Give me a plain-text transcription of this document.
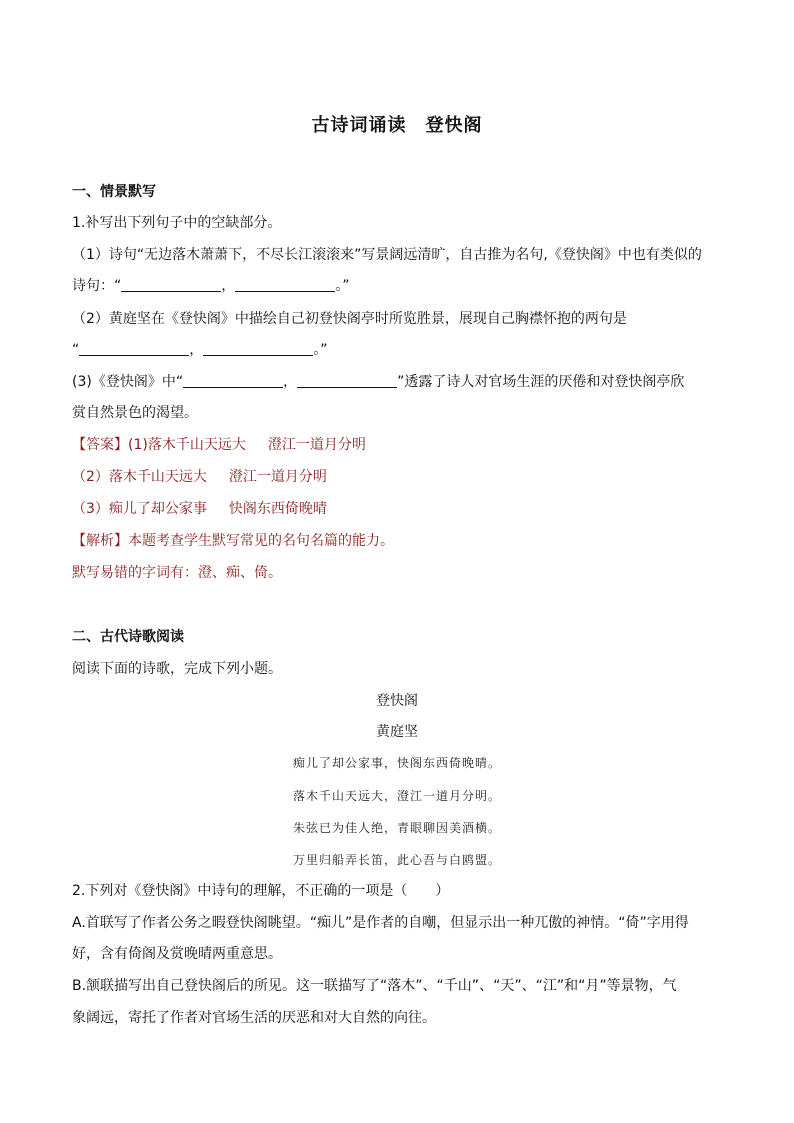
古诗词诵读　登快阁
一、情景默写
1.补写出下列句子中的空缺部分。
（1）诗句“无边落木萧萧下，不尽长江滚滚来”写景阔远清旷，自古推为名句,《登快阁》中也有类似的
诗句：“	，	。”
（2）黄庭坚在《登快阁》中描绘自己初登快阁亭时所览胜景，展现自己胸襟怀抱的两句是
“	，	。”
(3)《登快阁》中“	，	”透露了诗人对官场生涯的厌倦和对登快阁亭欣
赏自然景色的渴望。
【答案】(1)落木千山天远大 澄江一道月分明
（2）落木千山天远大 澄江一道月分明
（3）痴儿了却公家事 快阁东西倚晚晴
【解析】本题考查学生默写常见的名句名篇的能力。
默写易错的字词有：澄、痴、倚。
二、古代诗歌阅读
阅读下面的诗歌，完成下列小题。
登快阁
黄庭坚
痴儿了却公家事，快阁东西倚晚晴。
落木千山天远大，澄江一道月分明。
朱弦已为佳人绝，青眼聊因美酒横。
万里归船弄长笛，此心吾与白鸥盟。
2.下列对《登快阁》中诗句的理解，不正确的一项是（　　）
A.首联写了作者公务之暇登快阁眺望。“痴儿”是作者的自嘲，但显示出一种兀傲的神情。“倚”字用得
好，含有倚阁及赏晚晴两重意思。
B.颔联描写出自己登快阁后的所见。这一联描写了“落木”、“千山”、“天”、“江”和“月”等景物，气
象阔远，寄托了作者对官场生活的厌恶和对大自然的向往。
